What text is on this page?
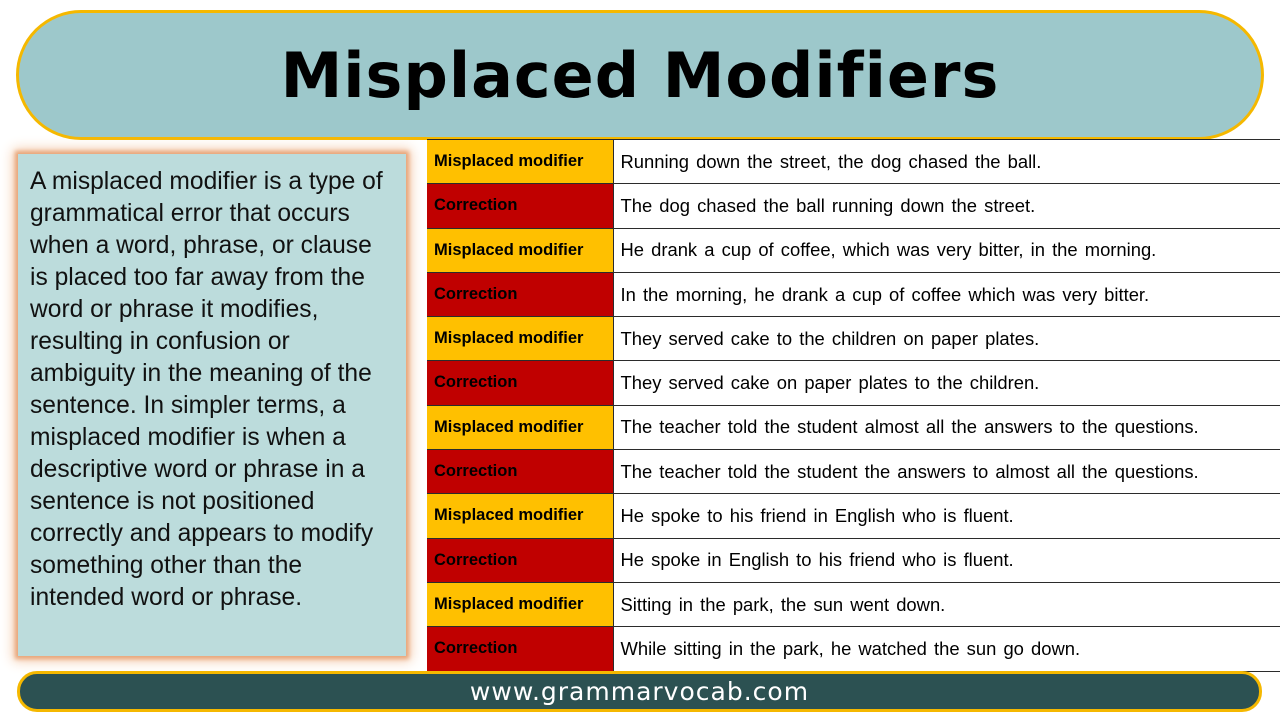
Misplaced Modifiers

A misplaced modifier is a type of grammatical error that occurs when a word, phrase, or clause is placed too far away from the word or phrase it modifies, resulting in confusion or ambiguity in the meaning of the sentence. In simpler terms, a misplaced modifier is when a descriptive word or phrase in a sentence is not positioned correctly and appears to modify something other than the intended word or phrase.

Misplaced modifier	Running down the street, the dog chased the ball.
Correction	The dog chased the ball running down the street.
Misplaced modifier	He drank a cup of coffee, which was very bitter, in the morning.
Correction	In the morning, he drank a cup of coffee which was very bitter.
Misplaced modifier	They served cake to the children on paper plates.
Correction	They served cake on paper plates to the children.
Misplaced modifier	The teacher told the student almost all the answers to the questions.
Correction	The teacher told the student the answers to almost all the questions.
Misplaced modifier	He spoke to his friend in English who is fluent.
Correction	He spoke in English to his friend who is fluent.
Misplaced modifier	Sitting in the park, the sun went down.
Correction	While sitting in the park, he watched the sun go down.
www.grammarvocab.com
